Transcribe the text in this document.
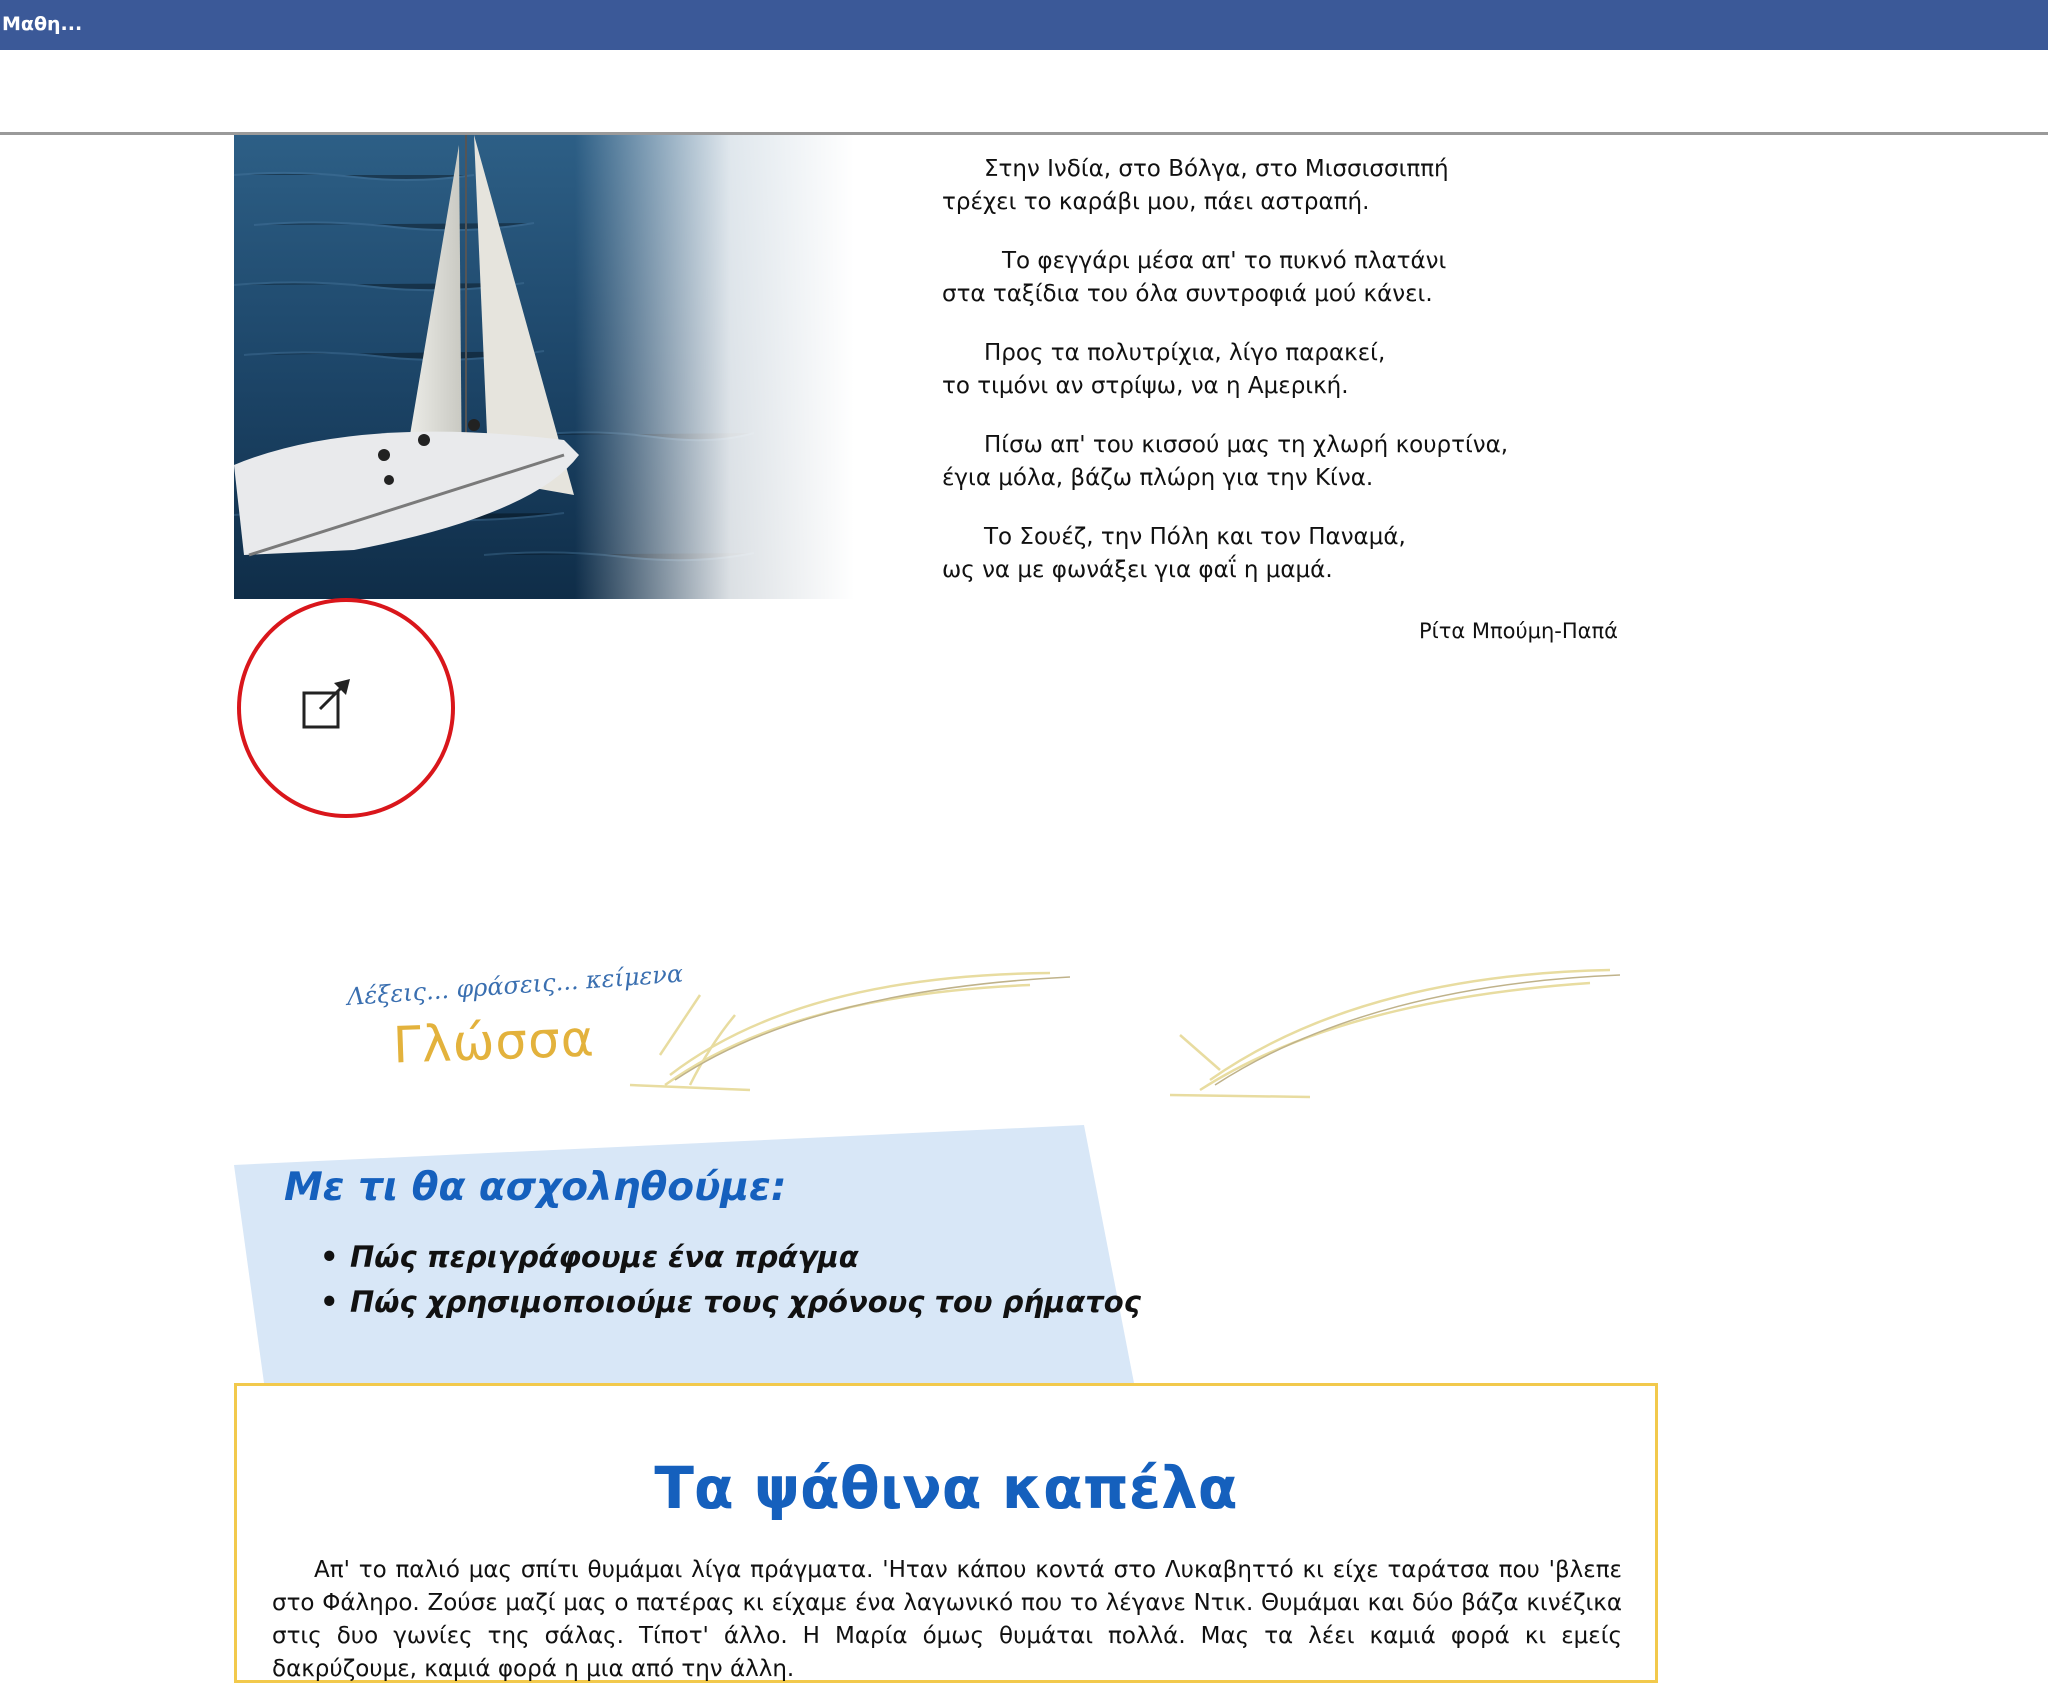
Μαθη...
Στην Ινδία, στο Βόλγα, στο Μισσισσιππή
τρέχει το καράβι μου, πάει αστραπή.
Το φεγγάρι μέσα απ' το πυκνό πλατάνι
στα ταξίδια του όλα συντροφιά μού κάνει.
Προς τα πολυτρίχια, λίγο παρακεί,
το τιμόνι αν στρίψω, να η Αμερική.
Πίσω απ' του κισσού μας τη χλωρή κουρτίνα,
έγια μόλα, βάζω πλώρη για την Κίνα.
Το Σουέζ, την Πόλη και τον Παναμά,
ως να με φωνάξει για φαΐ η μαμά.
Ρίτα Μπούμη-Παπά
Λέξεις... φράσεις... κείμενα
Γλώσσα
Με τι θα ασχοληθούμε:
• Πώς περιγράφουμε ένα πράγμα
• Πώς χρησιμοποιούμε τους χρόνους του ρήματος
Τα ψάθινα καπέλα
Απ' το παλιό μας σπίτι θυμάμαι λίγα πράγματα. 'Ηταν κάπου κοντά στο Λυκαβηττό κι είχε ταράτσα που 'βλεπε στο Φάληρο. Ζούσε μαζί μας ο πατέρας κι είχαμε ένα λαγωνικό που το λέγανε Ντικ. Θυμάμαι και δύο βάζα κινέζικα στις δυο γωνίες της σάλας. Τίποτ' άλλο. Η Μαρία όμως θυμάται πολλά. Μας τα λέει καμιά φορά κι εμείς δακρύζουμε, καμιά φορά η μια από την άλλη.
